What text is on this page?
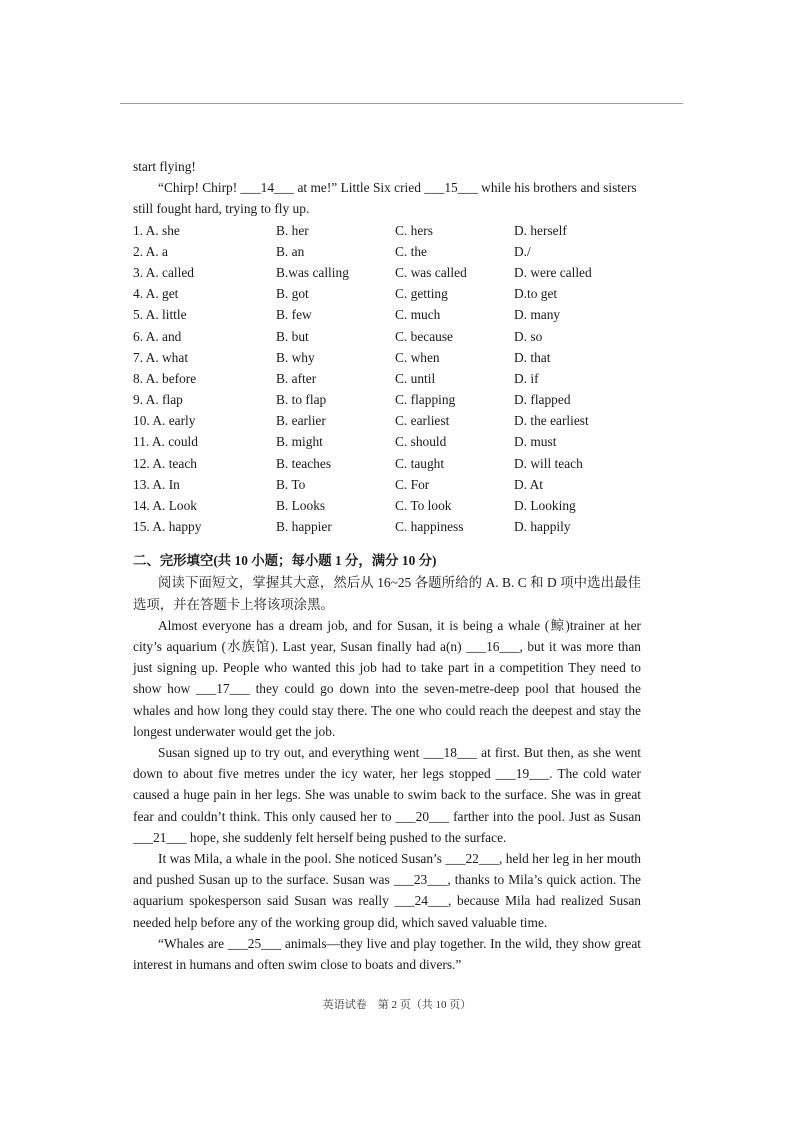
start flying!
“Chirp! Chirp! ___14___ at me!” Little Six cried ___15___ while his brothers and sisters
still fought hard, trying to fly up.
1. A. she	B. her	C. hers	D. herself
2. A. a	B. an	C. the	D./
3. A. called	B.was calling	C. was called	D. were called
4. A. get	B. got	C. getting	D.to get
5. A. little	B. few	C. much	D. many
6. A. and	B. but	C. because	D. so
7. A. what	B. why	C. when	D. that
8. A. before	B. after	C. until	D. if
9. A. flap	B. to flap	C. flapping	D. flapped
10. A. early	B. earlier	C. earliest	D. the earliest
11. A. could	B. might	C. should	D. must
12. A. teach	B. teaches	C. taught	D. will teach
13. A. In	B. To	C. For	D. At
14. A. Look	B. Looks	C. To look	D. Looking
15. A. happy	B. happier	C. happiness	D. happily
二、完形填空(共 10 小题；每小题 1 分，满分 10 分)

阅读下面短文，掌握其大意，然后从 16~25 各题所给的 A. B. C 和 D 项中选出最佳选项，并在答题卡上将该项涂黑。

Almost everyone has a dream job, and for Susan, it is being a whale (鲸)trainer at her city’s aquarium (水族馆). Last year, Susan finally had a(n) ___16___, but it was more than just signing up. People who wanted this job had to take part in a competition They need to show how ___17___ they could go down into the seven-metre-deep pool that housed the whales and how long they could stay there. The one who could reach the deepest and stay the longest underwater would get the job.

Susan signed up to try out, and everything went ___18___ at first. But then, as she went down to about five metres under the icy water, her legs stopped ___19___. The cold water caused a huge pain in her legs. She was unable to swim back to the surface. She was in great fear and couldn’t think. This only caused her to ___20___ farther into the pool. Just as Susan ___21___ hope, she suddenly felt herself being pushed to the surface.

It was Mila, a whale in the pool. She noticed Susan’s ___22___, held her leg in her mouth and pushed Susan up to the surface. Susan was ___23___, thanks to Mila’s quick action. The aquarium spokesperson said Susan was really ___24___, because Mila had realized Susan needed help before any of the working group did, which saved valuable time.

“Whales are ___25___ animals—they live and play together. In the wild, they show great interest in humans and often swim close to boats and divers.”

英语试卷　第 2 页（共 10 页）
